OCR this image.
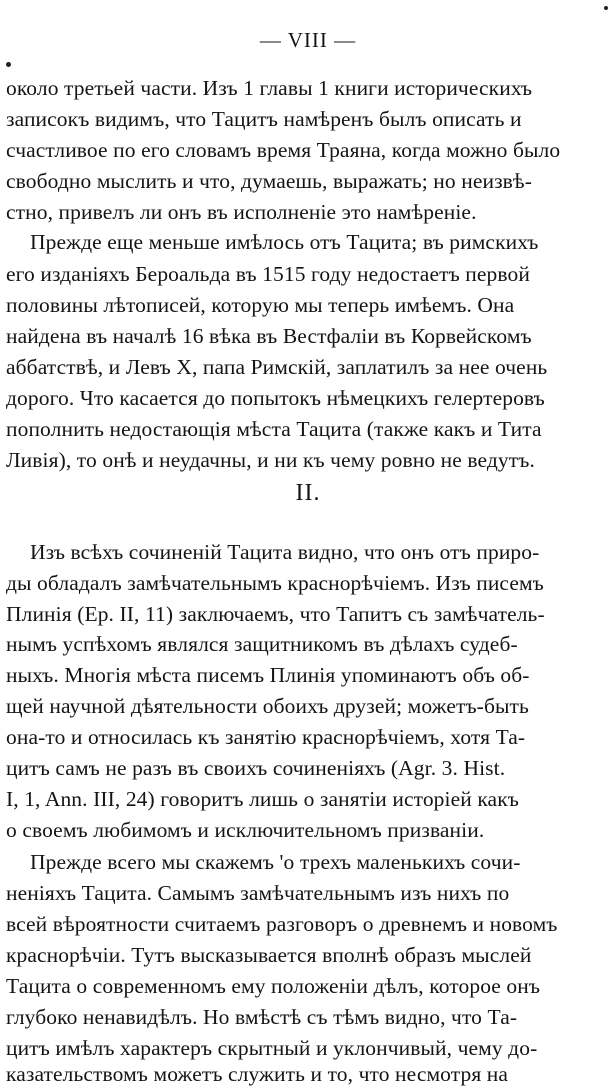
— VIII —
около третьей части. Изъ 1 главы 1 книги историческихъ
записокъ видимъ, что Тацитъ намѣренъ былъ описать и
счастливое по его словамъ время Траяна, когда можно было
свободно мыслить и что, думаешь, выражать; но неизвѣ-
стно, привелъ ли онъ въ исполненіе это намѣреніе.
Прежде еще меньше имѣлось отъ Тацита; въ римскихъ
его изданіяхъ Бероальда въ 1515 году недостаетъ первой
половины лѣтописей, которую мы теперь имѣемъ. Она
найдена въ началѣ 16 вѣка въ Вестфаліи въ Корвейскомъ
аббатствѣ, и Левъ X, папа Римскій, заплатилъ за нее очень
дорого. Что касается до попытокъ нѣмецкихъ гелертеровъ
пополнить недостающія мѣста Тацита (также какъ и Тита
Ливія), то онѣ и неудачны, и ни къ чему ровно не ведутъ.
Изъ всѣхъ сочиненій Тацита видно, что онъ отъ приро-
ды обладалъ замѣчательнымъ краснорѣчіемъ. Изъ писемъ
Плинія (Ep. II, 11) заключаемъ, что Тапитъ съ замѣчатель-
нымъ успѣхомъ являлся защитникомъ въ дѣлахъ судеб-
ныхъ. Многія мѣста писемъ Плинія упоминаютъ объ об-
щей научной дѣятельности обоихъ друзей; можетъ-быть
она-то и относилась къ занятію краснорѣчіемъ, хотя Та-
цитъ самъ не разъ въ своихъ сочиненіяхъ (Agr. 3. Hist.
I, 1, Ann. III, 24) говоритъ лишь о занятіи исторіей какъ
о своемъ любимомъ и исключительномъ призваніи.
Прежде всего мы скажемъ 'о трехъ маленькихъ сочи-
неніяхъ Тацита. Самымъ замѣчательнымъ изъ нихъ по
всей вѣроятности считаемъ разговоръ о древнемъ и новомъ
краснорѣчіи. Тутъ высказывается вполнѣ образъ мыслей
Тацита о современномъ ему положеніи дѣлъ, которое онъ
глубоко ненавидѣлъ. Но вмѣстѣ съ тѣмъ видно, что Та-
цитъ имѣлъ характеръ скрытный и уклончивый, чему до-
казательствомъ можетъ служить и то, что несмотря на
II.
